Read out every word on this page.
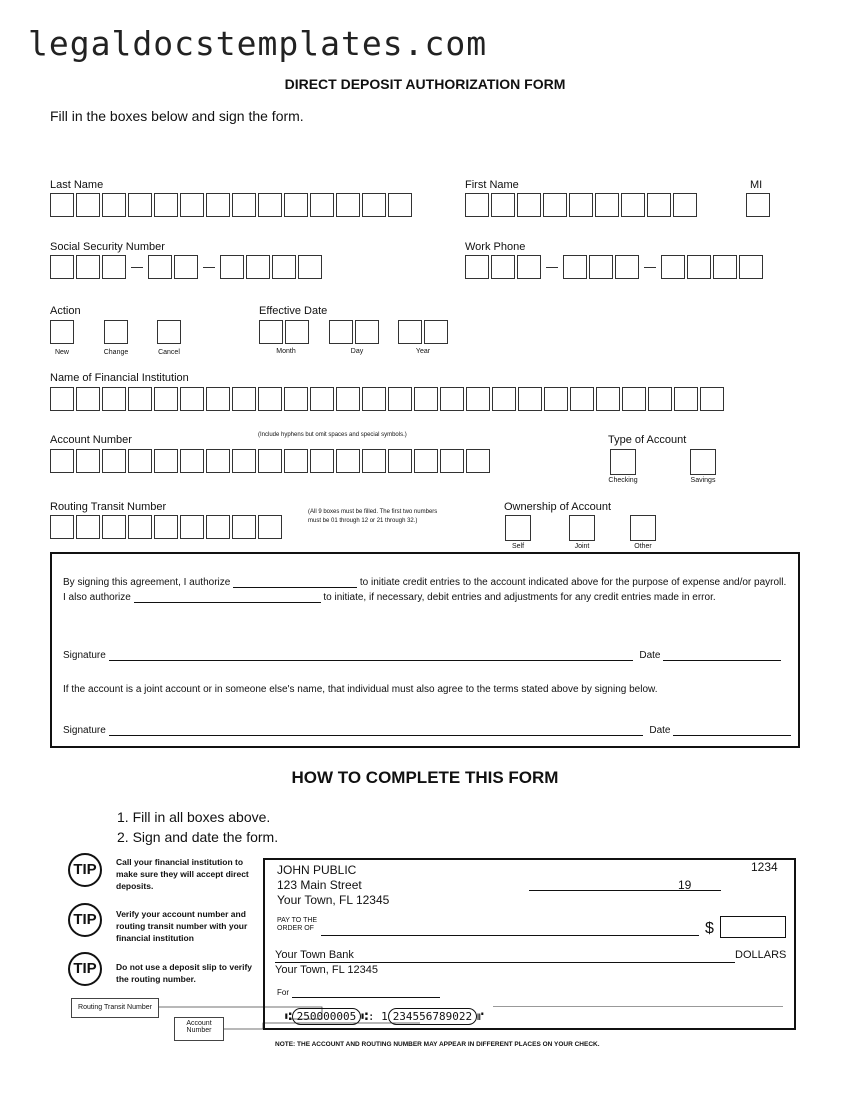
legaldocstemplates.com
DIRECT DEPOSIT AUTHORIZATION FORM
Fill in the boxes below and sign the form.
Last Name	First Name	MI
Social Security Number	Work Phone
Action
New	Change	Cancel
Effective Date
Month	Day	Year
Name of Financial Institution
Account Number	(Include hyphens but omit spaces and special symbols.)	Type of Account
Checking	Savings
Routing Transit Number	(All 9 boxes must be filled. The first two numbers
must be 01 through 12 or 21 through 32.)
Ownership of Account
Self	Joint	Other
By signing this agreement, I authorize	to initiate credit entries to the account indicated above for the purpose of expense and/or payroll.
I also authorize	to initiate, if necessary, debit entries and adjustments for any credit entries made in error.
Signature	Date
If the account is a joint account or in someone else's name, that individual must also agree to the terms stated above by signing below.
Signature	Date
HOW TO COMPLETE THIS FORM
1. Fill in all boxes above.
2. Sign and date the form.
TIP	Call your financial institution to
make sure they will accept direct
deposits.
TIP	Verify your account number and
routing transit number with your
financial institution
TIP	Do not use a deposit slip to verify
the routing number.
Routing Transit Number
Account
Number
JOHN PUBLIC
123 Main Street
Your Town, FL 12345
1234
19
PAY TO THE
ORDER OF	$
Your Town Bank	DOLLARS
Your Town, FL 12345
For
⑆ 250000005 ⑆: 1 234556789022 ⑈
NOTE: THE ACCOUNT AND ROUTING NUMBER MAY APPEAR IN DIFFERENT PLACES ON YOUR CHECK.
